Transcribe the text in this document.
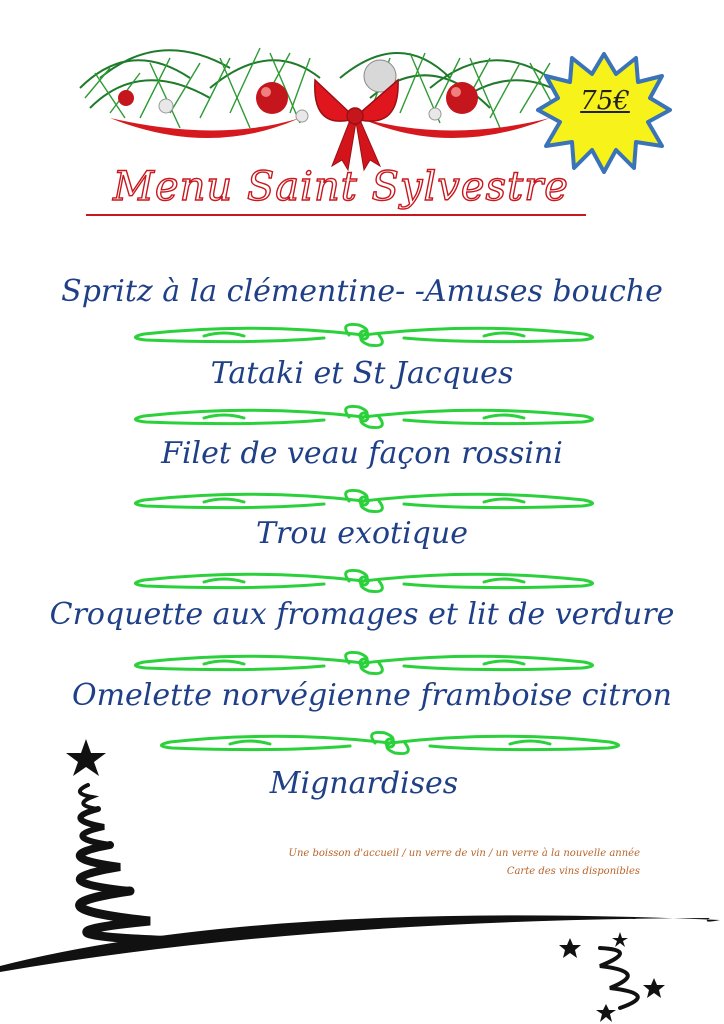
75€
Menu Saint Sylvestre
Spritz à la clémentine- -Amuses bouche
Tataki et St Jacques
Filet de veau façon rossini
Trou exotique
Croquette aux fromages et lit de verdure
Omelette norvégienne framboise citron
Mignardises
Une boisson d'accueil / un verre de vin / un verre à la nouvelle année
Carte des vins disponibles
